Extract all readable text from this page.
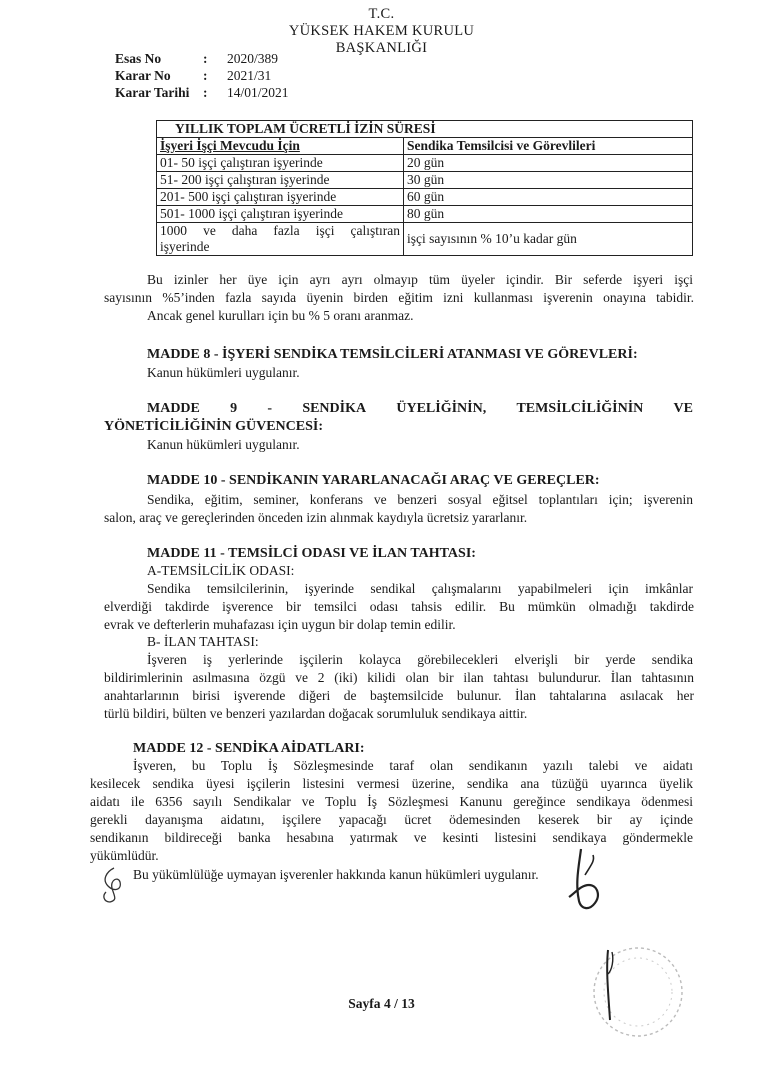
T.C.
YÜKSEK HAKEM KURULU
BAŞKANLIĞI
Esas No	:	2020/389
Karar No	:	2021/31
Karar Tarihi	:	14/01/2021
YILLIK TOPLAM ÜCRETLİ İZİN SÜRESİ	
İşyeri İşçi Mevcudu İçin	Sendika Temsilcisi ve Görevlileri
01- 50 işçi çalıştıran işyerinde	20 gün
51- 200 işçi çalıştıran işyerinde	30 gün
201- 500 işçi çalıştıran işyerinde	60 gün
501- 1000 işçi çalıştıran işyerinde	80 gün

1000 ve daha fazla işçi çalıştıran
işyerinde	işçi sayısının % 10’u kadar gün
Bu izinler her üye için ayrı ayrı olmayıp tüm üyeler içindir. Bir seferde işyeri işçi
sayısının %5’inden fazla sayıda üyenin birden eğitim izni kullanması işverenin onayına tabidir.
Ancak genel kurulları için bu % 5 oranı aranmaz.
MADDE 8 - İŞYERİ SENDİKA TEMSİLCİLERİ ATANMASI VE GÖREVLERİ:
Kanun hükümleri uygulanır.
MADDE 9 - SENDİKA ÜYELİĞİNİN, TEMSİLCİLİĞİNİN VE
YÖNETİCİLİĞİNİN GÜVENCESİ:
Kanun hükümleri uygulanır.
MADDE 10 - SENDİKANIN YARARLANACAĞI ARAÇ VE GEREÇLER:
Sendika, eğitim, seminer, konferans ve benzeri sosyal eğitsel toplantıları için; işverenin
salon, araç ve gereçlerinden önceden izin alınmak kaydıyla ücretsiz yararlanır.
MADDE 11 - TEMSİLCİ ODASI VE İLAN TAHTASI:
A-TEMSİLCİLİK ODASI:
Sendika temsilcilerinin, işyerinde sendikal çalışmalarını yapabilmeleri için imkânlar
elverdiği takdirde işverence bir temsilci odası tahsis edilir. Bu mümkün olmadığı takdirde
evrak ve defterlerin muhafazası için uygun bir dolap temin edilir.
B- İLAN TAHTASI:
İşveren iş yerlerinde işçilerin kolayca görebilecekleri elverişli bir yerde sendika
bildirimlerinin asılmasına özgü ve 2 (iki) kilidi olan bir ilan tahtası bulundurur. İlan tahtasının
anahtarlarının birisi işverende diğeri de baştemsilcide bulunur. İlan tahtalarına asılacak her
türlü bildiri, bülten ve benzeri yazılardan doğacak sorumluluk sendikaya aittir.
MADDE 12 - SENDİKA AİDATLARI:
İşveren, bu Toplu İş Sözleşmesinde taraf olan sendikanın yazılı talebi ve aidatı
kesilecek sendika üyesi işçilerin listesini vermesi üzerine, sendika ana tüzüğü uyarınca üyelik
aidatı ile 6356 sayılı Sendikalar ve Toplu İş Sözleşmesi Kanunu gereğince sendikaya ödenmesi
gerekli dayanışma aidatını, işçilere yapacağı ücret ödemesinden keserek bir ay içinde
sendikanın bildireceği banka hesabına yatırmak ve kesinti listesini sendikaya göndermekle
yükümlüdür.
Bu yükümlülüğe uymayan işverenler hakkında kanun hükümleri uygulanır.
Sayfa 4 / 13
